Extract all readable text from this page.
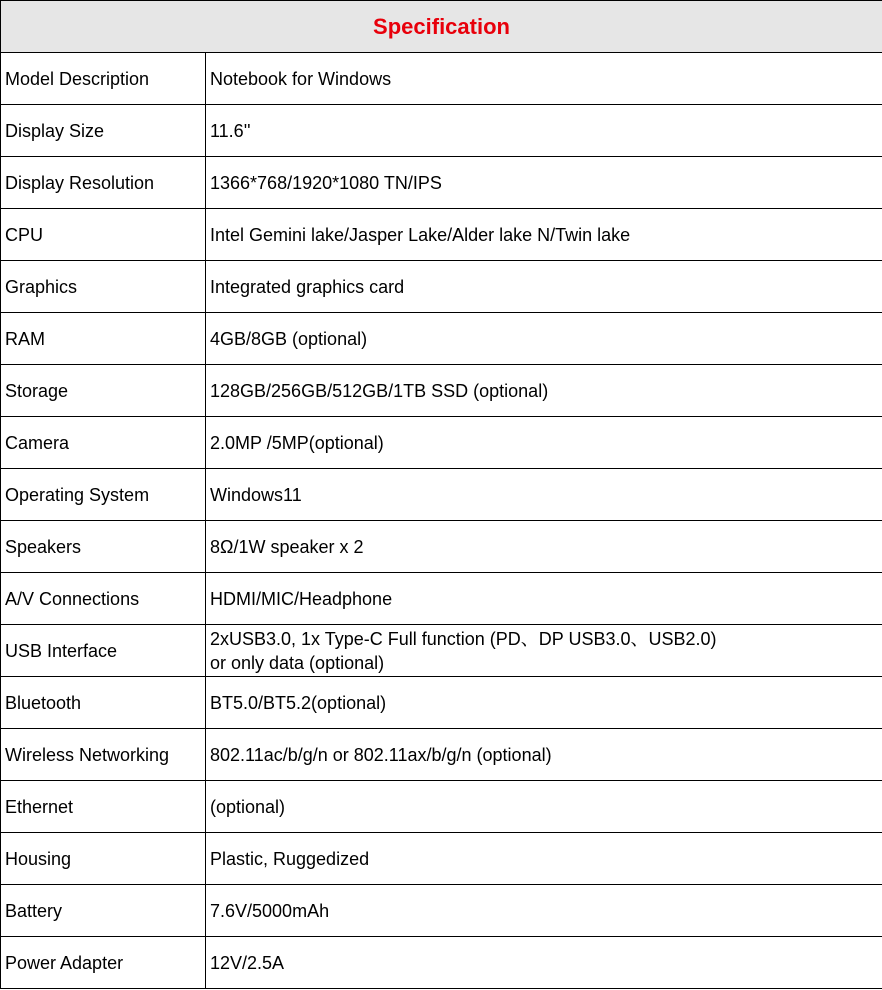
Specification	
Model Description	Notebook for Windows
Display Size	11.6''
Display Resolution	1366*768/1920*1080 TN/IPS
CPU	Intel Gemini lake/Jasper Lake/Alder lake N/Twin lake
Graphics	Integrated graphics card
RAM	4GB/8GB (optional)
Storage	128GB/256GB/512GB/1TB SSD (optional)
Camera	2.0MP /5MP(optional)
Operating System	Windows11
Speakers	8Ω/1W speaker x 2
A/V Connections	HDMI/MIC/Headphone
USB Interface	2xUSB3.0, 1x Type-C Full function (PD、DP USB3.0、USB2.0)
or only data (optional)
Bluetooth	BT5.0/BT5.2(optional)
Wireless Networking	802.11ac/b/g/n or 802.11ax/b/g/n (optional)
Ethernet	(optional)
Housing	Plastic, Ruggedized
Battery	7.6V/5000mAh
Power Adapter	12V/2.5A
